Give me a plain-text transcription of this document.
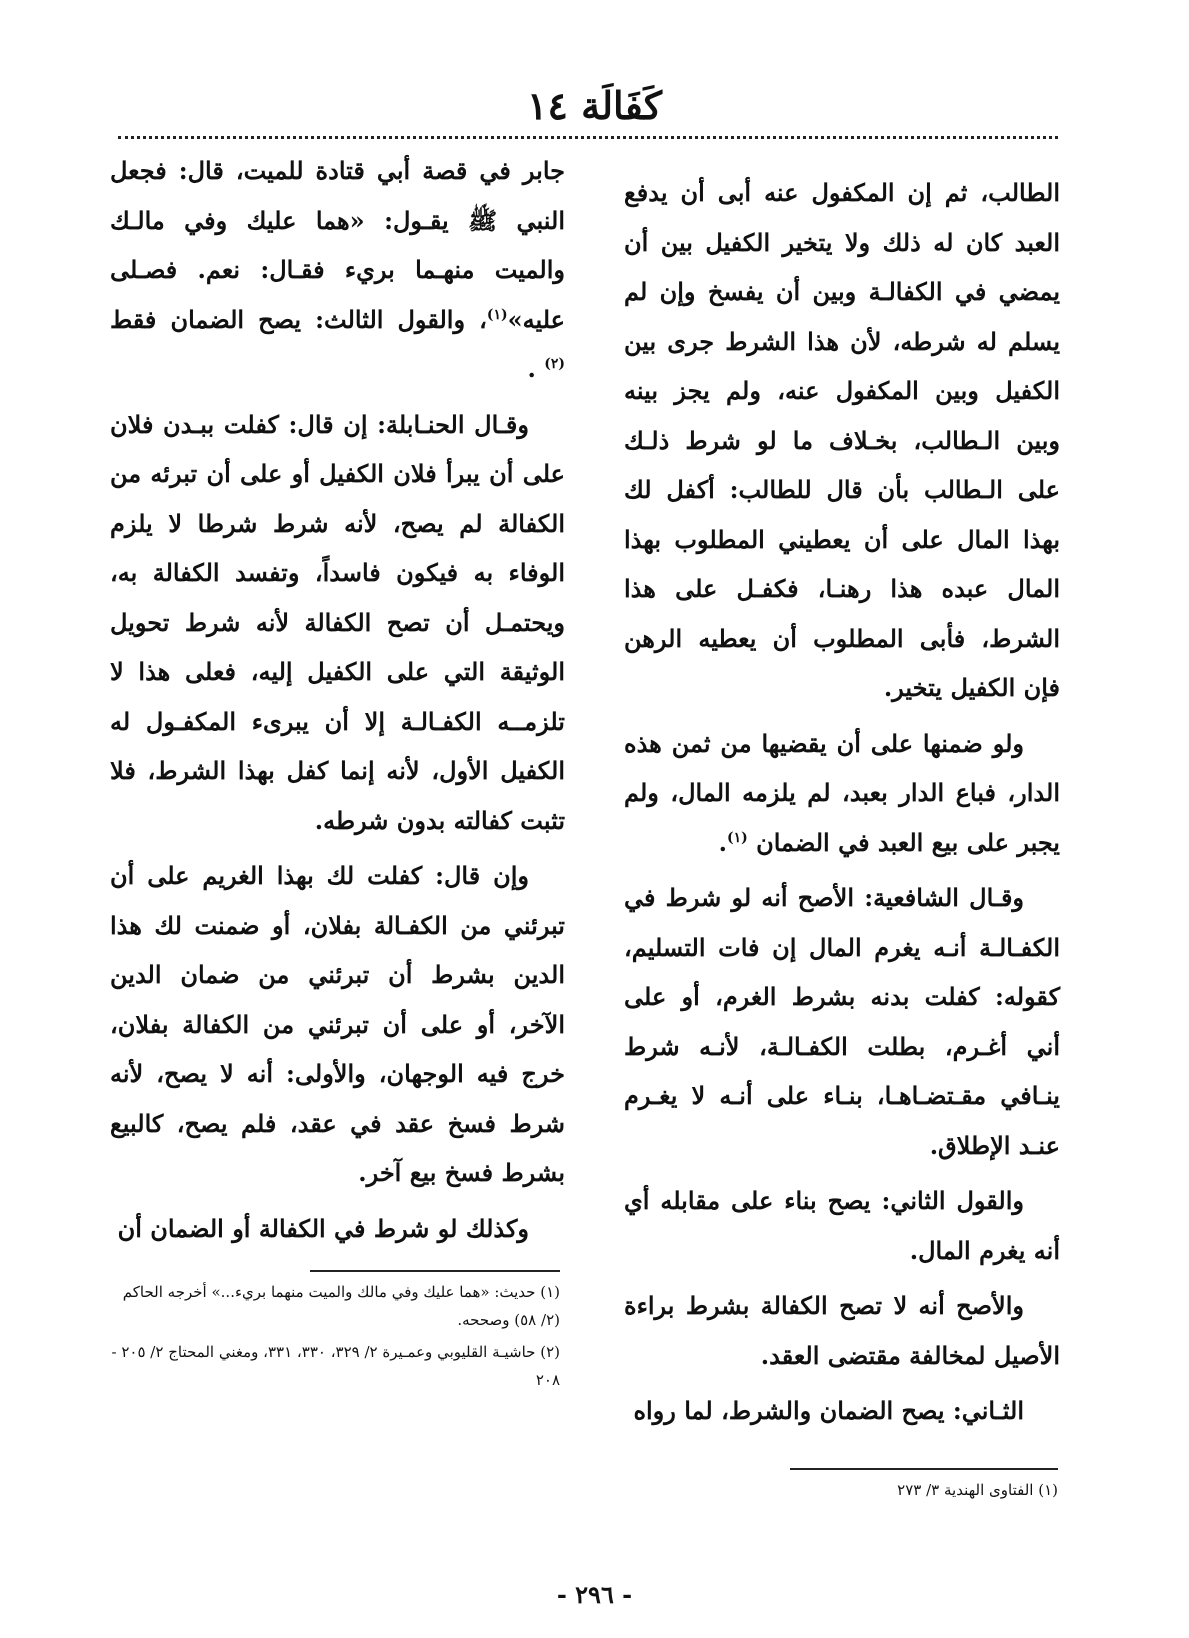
كَفَالَة ١٤

الطالب، ثم إن المكفول عنه أبى أن يدفع العبد كان له ذلك ولا يتخير الكفيل بين أن يمضي في الكفالـة وبين أن يفسخ وإن لم يسلم له شرطه، لأن هذا الشرط جرى بين الكفيل وبين المكفول عنه، ولم يجز بينه وبين الـطالب، بخـلاف ما لو شرط ذلـك على الـطالب بأن قال للطالب: أكفل لك بهذا المال على أن يعطيني المطلوب بهذا المال عبده هذا رهنـا، فكفـل على هذا الشرط، فأبى المطلوب أن يعطيه الرهن فإن الكفيل يتخير.

ولو ضمنها على أن يقضيها من ثمن هذه الدار، فباع الدار بعبد، لم يلزمه المال، ولم يجبر على بيع العبد في الضمان $^{(١)}$.

وقـال الشافعية: الأصح أنه لو شرط في الكفـالـة أنـه يغرم المال إن فات التسليم، كقوله: كفلت بدنه بشرط الغرم، أو على أني أغـرم، بطلت الكفـالـة، لأنـه شرط ينـافي مقـتضـاهـا، بنـاء على أنـه لا يغـرم عنـد الإطلاق.

والقول الثاني: يصح بناء على مقابله أي أنه يغرم المال.

والأصح أنه لا تصح الكفالة بشرط براءة الأصيل لمخالفة مقتضى العقد.

الثـاني: يصح الضمان والشرط، لما رواه

جابر في قصة أبي قتادة للميت، قال: فجعل النبي ﷺ يقـول: «هما عليك وفي مالـك والميت منهـما بريء فقـال: نعم. فصـلى عليه»$^{(١)}$، والقول الثالث: يصح الضمان فقط $^{(٢)}$ .

وقـال الحنـابلة: إن قال: كفلت ببـدن فلان على أن يبرأ فلان الكفيل أو على أن تبرئه من الكفالة لم يصح، لأنه شرط شرطا لا يلزم الوفاء به فيكون فاسداً، وتفسد الكفالة به، ويحتمـل أن تصح الكفالة لأنه شرط تحويل الوثيقة التي على الكفيل إليه، فعلى هذا لا تلزمــه الكفـالـة إلا أن يبرىء المكفـول له الكفيل الأول، لأنه إنما كفل بهذا الشرط، فلا تثبت كفالته بدون شرطه.

وإن قال: كفلت لك بهذا الغريم على أن تبرئني من الكفـالة بفلان، أو ضمنت لك هذا الدين بشرط أن تبرئني من ضمان الدين الآخر، أو على أن تبرئني من الكفالة بفلان، خرج فيه الوجهان، والأولى: أنه لا يصح، لأنه شرط فسخ عقد في عقد، فلم يصح، كالبيع بشرط فسخ بيع آخر.

وكذلك لو شرط في الكفالة أو الضمان أن

(١) حديث: «هما عليك وفي مالك والميت منهما بريء...» أخرجه الحاكم (٢/ ٥٨) وصححه.
(٢) حاشيـة القليوبي وعمـيرة ٢/ ٣٢٩، ٣٣٠، ٣٣١، ومغني المحتاج ٢/ ٢٠٥ - ٢٠٨
(١) الفتاوى الهندية ٣/ ٢٧٣
- ٢٩٦ -
